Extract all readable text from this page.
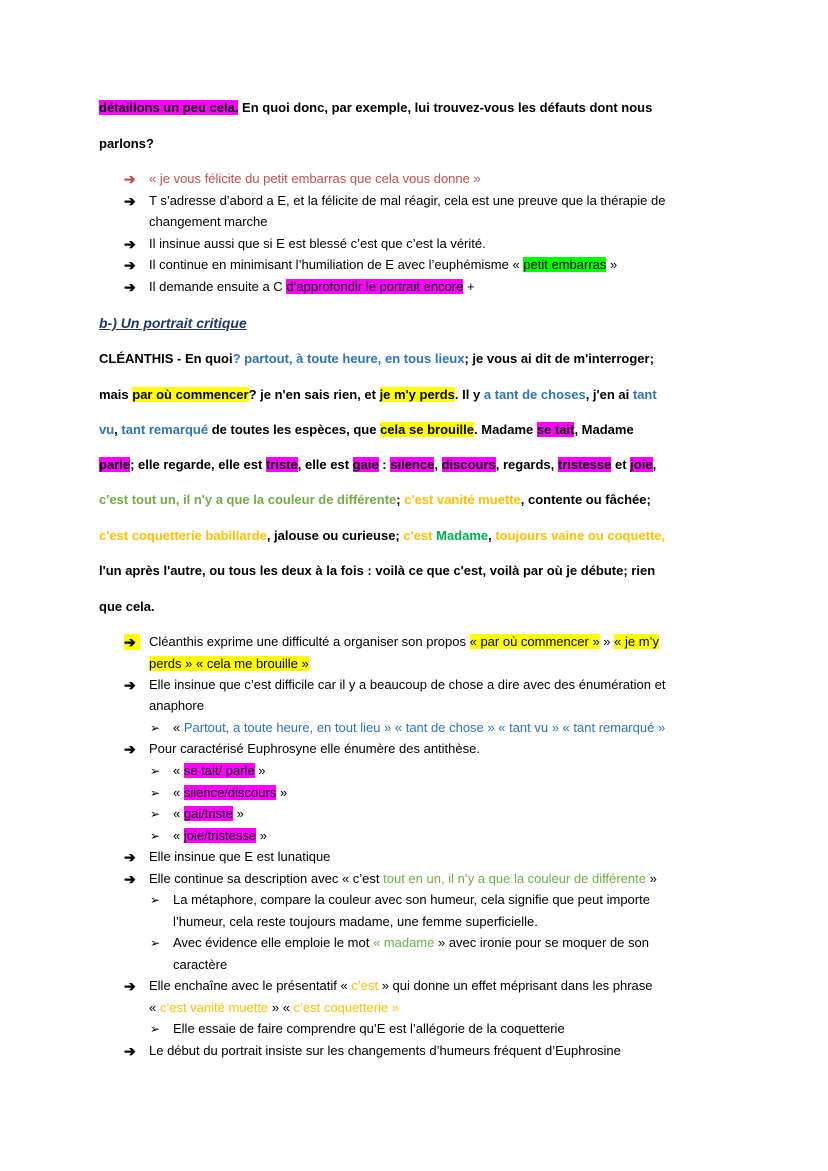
détaillons un peu cela. En quoi donc, par exemple, lui trouvez-vous les défauts dont nous
parlons?
➔	« je vous félicite du petit embarras que cela vous donne »
➔	T s’adresse d’abord a E, et la félicite de mal réagir, cela est une preuve que la thérapie de
changement marche
➔	Il insinue aussi que si E est blessé c’est que c’est la vérité.
➔	Il continue en minimisant l’humiliation de E avec l’euphémisme « petit embarras »
➔	Il demande ensuite a C d’approfondir le portrait encore +
b-) Un portrait critique
CLÉANTHIS - En quoi? partout, à toute heure, en tous lieux; je vous ai dit de m'interroger;
mais par où commencer? je n'en sais rien, et je m'y perds. Il y a tant de choses, j'en ai tant
vu, tant remarqué de toutes les espèces, que cela se brouille. Madame se tait, Madame
parle; elle regarde, elle est triste, elle est gaie : silence, discours, regards, tristesse et joie,
c'est tout un, il n'y a que la couleur de différente; c'est vanité muette, contente ou fâchée;
c'est coquetterie babillarde, jalouse ou curieuse; c'est Madame, toujours vaine ou coquette,
l'un après l'autre, ou tous les deux à la fois : voilà ce que c'est, voilà par où je débute; rien
que cela.
➔	Cléanthis exprime une difficulté a organiser son propos « par où commencer » » « je m’y
perds » « cela me brouille »
➔	Elle insinue que c’est difficile car il y a beaucoup de chose a dire avec des énumération et
anaphore
➢ « Partout, a toute heure, en tout lieu » « tant de chose » « tant vu » « tant remarqué »
➔	Pour caractérisé Euphrosyne elle énumère des antithèse.
➢ « se tait/ parle »
➢ « silence/discours »
➢ « gai/triste »
➢ « joie/tristesse »
➔	Elle insinue que E est lunatique
➔	Elle continue sa description avec « c’est tout en un, il n’y a que la couleur de différente »
➢ La métaphore, compare la couleur avec son humeur, cela signifie que peut importe
l’humeur, cela reste toujours madame, une femme superficielle.
➢ Avec évidence elle emploie le mot « madame » avec ironie pour se moquer de son
caractère
➔	Elle enchaîne avec le présentatif « c’est » qui donne un effet méprisant dans les phrase
« c’est vanité muette » « c’est coquetterie »
➢ Elle essaie de faire comprendre qu’E est l’allégorie de la coquetterie
➔	Le début du portrait insiste sur les changements d’humeurs fréquent d’Euphrosine
